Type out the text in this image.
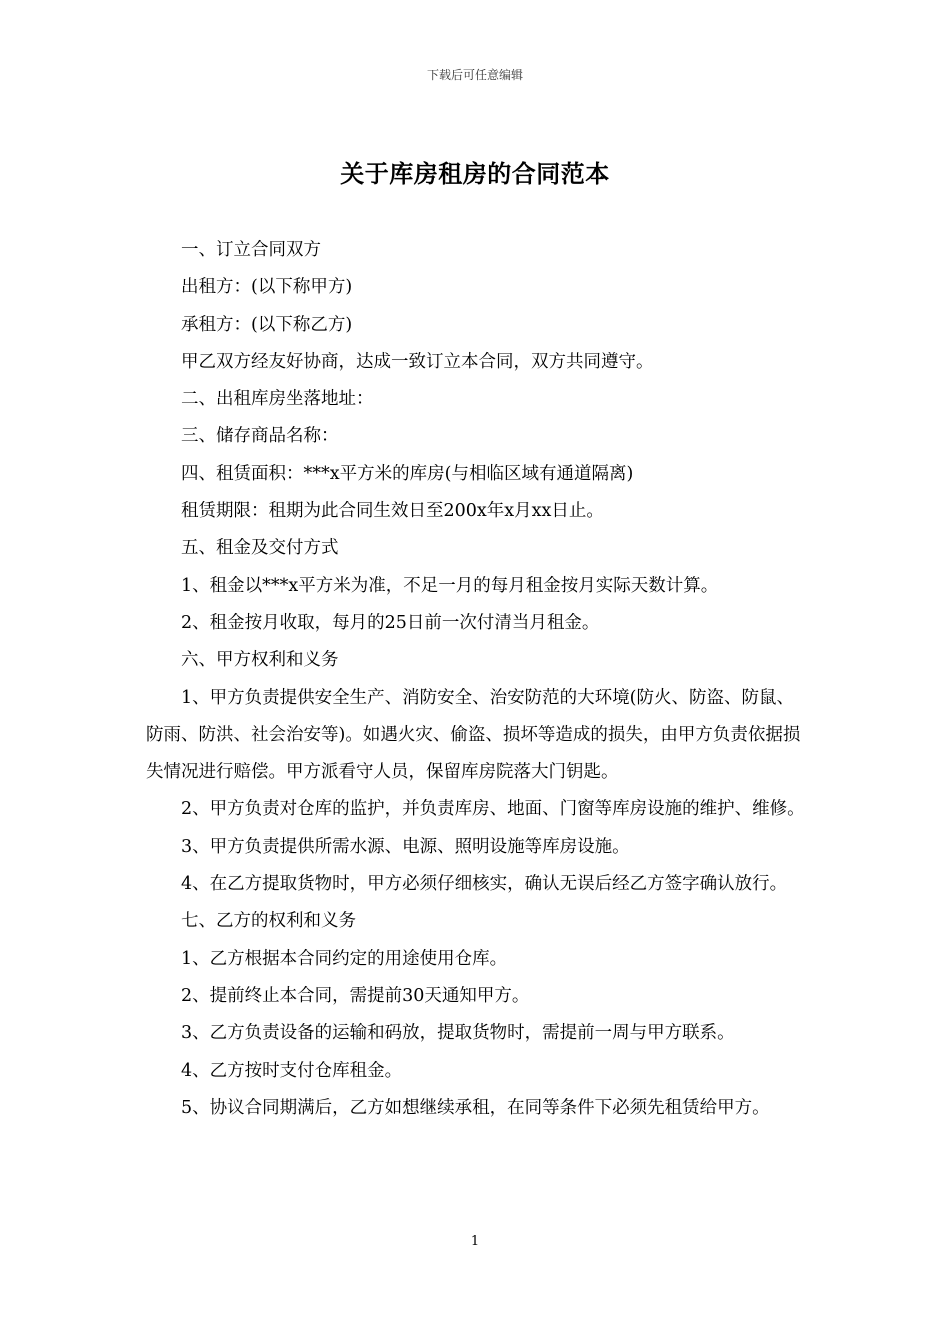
下载后可任意编辑
关于库房租房的合同范本

一、订立合同双方

出租方：(以下称甲方)

承租方：(以下称乙方)

甲乙双方经友好协商，达成一致订立本合同，双方共同遵守。

二、出租库房坐落地址：

三、储存商品名称：

四、租赁面积：***x平方米的库房(与相临区域有通道隔离)

租赁期限：租期为此合同生效日至200x年x月xx日止。

五、租金及交付方式

1、租金以***x平方米为准，不足一月的每月租金按月实际天数计算。

2、租金按月收取，每月的25日前一次付清当月租金。

六、甲方权利和义务

1、甲方负责提供安全生产、消防安全、治安防范的大环境(防火、防盗、防鼠、防雨、防洪、社会治安等)。如遇火灾、偷盗、损坏等造成的损失，由甲方负责依据损失情况进行赔偿。甲方派看守人员，保留库房院落大门钥匙。

2、甲方负责对仓库的监护，并负责库房、地面、门窗等库房设施的维护、维修。

3、甲方负责提供所需水源、电源、照明设施等库房设施。

4、在乙方提取货物时，甲方必须仔细核实，确认无误后经乙方签字确认放行。

七、乙方的权利和义务

1、乙方根据本合同约定的用途使用仓库。

2、提前终止本合同，需提前30天通知甲方。

3、乙方负责设备的运输和码放，提取货物时，需提前一周与甲方联系。

4、乙方按时支付仓库租金。

5、协议合同期满后，乙方如想继续承租，在同等条件下必须先租赁给甲方。

1
